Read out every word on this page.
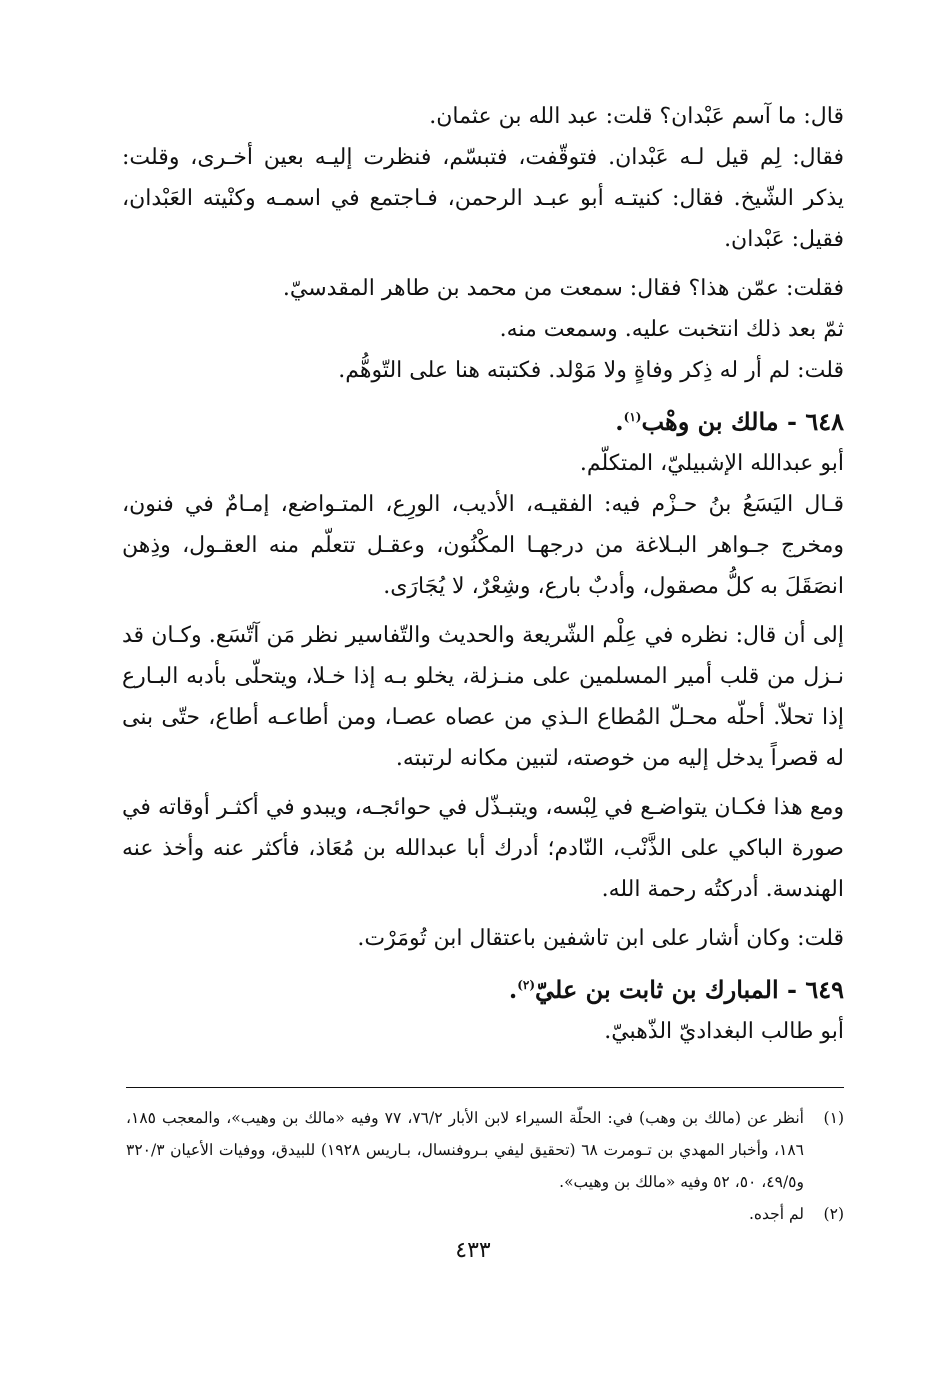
قال: ما آسم عَبْدان؟ قلت: عبد الله بن عثمان.

فقال: لِم قيل لـه عَبْدان. فتوقّفت، فتبسّم، فنظرت إليـه بعين أخـرى، وقلت: يذكر الشّيخ. فقال: كنيتـه أبو عبـد الرحمن، فـاجتمع في اسمـه وكنْيته العَبْدان، فقيل: عَبْدان.

فقلت: عمّن هذا؟ فقال: سمعت من محمد بن طاهر المقدسيّ.

ثمّ بعد ذلك انتخبت عليه. وسمعت منه.

قلت: لم أر له ذِكر وفاةٍ ولا مَوْلد. فكتبته هنا على التّوهُّم.

٦٤٨ - مالك بن وهْب$^{(١)}$.

أبو عبدالله الإشبيليّ، المتكلّم.

قـال اليَسَعُ بنُ حـزْم فيه: الفقيـه، الأديب، الورِع، المتـواضع، إمـامٌ في فنون، ومخرج جـواهر البـلاغة من درجهـا المكْنُون، وعقـل تتعلّم منه العقـول، وذِهن انصَقَلَ به كلُّ مصقول، وأدبٌ بارع، وشِعْرٌ، لا يُجَارَى.

إلى أن قال: نظره في عِلْم الشّريعة والحديث والتّفاسير نظر مَن آتّسَع. وكـان قد نـزل من قلب أمير المسلمين على منـزلة، يخلو بـه إذا خـلا، ويتحلّى بأدبه البـارع إذا تحلاّ. أحلّه محـلّ المُطاع الـذي من عصاه عصـا، ومن أطاعـه أطاع، حتّى بنى له قصراً يدخل إليه من خوصته، لتبين مكانه لرتبته.

ومع هذا فكـان يتواضـع في لِبْسه، ويتبـذّل في حوائجـه، ويبدو في أكثـر أوقاته في صورة الباكي على الذَّنْب، النّادم؛ أدرك أبا عبدالله بن مُعَاذ، فأكثر عنه وأخذ عنه الهندسة. أدركتُه رحمة الله.

قلت: وكان أشار على ابن تاشفين باعتقال ابن تُومَرْت.

٦٤٩ - المبارك بن ثابت بن عليّ$^{(٢)}$.

أبو طالب البغداديّ الذّهبيّ.

(١)
أنظر عن (مالك بن وهب) في: الحلّة السيراء لابن الأبار ٧٦/٢، ٧٧ وفيه «مالك بن وهيب»، والمعجب ١٨٥، ١٨٦، وأخبار المهدي بن تـومرت ٦٨ (تحقيق ليفي بـروفنسال، بـاريس ١٩٢٨) للبيدق، ووفيات الأعيان ٣٢٠/٣ و٤٩/٥، ٥٠، ٥٢ وفيه «مالك بن وهيب».
(٢)
لم أجده.
٤٣٣
